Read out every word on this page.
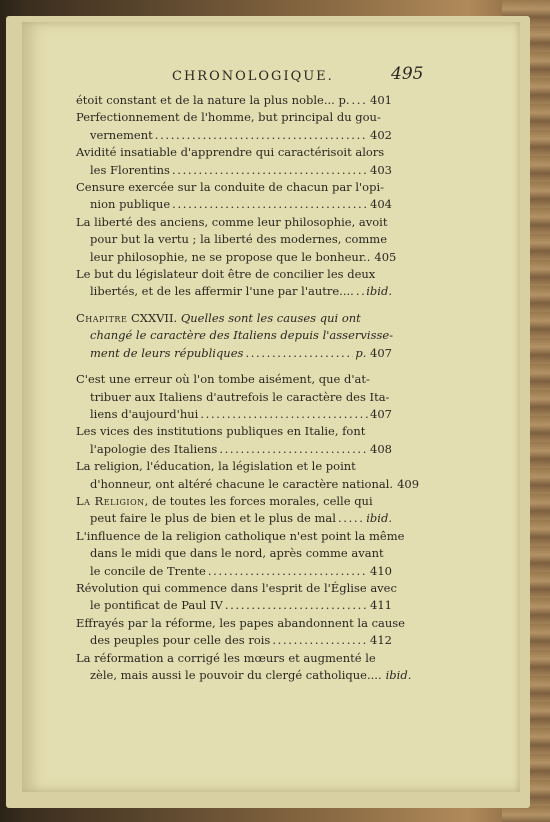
CHRONOLOGIQUE.	495
étoit constant et de la nature la plus noble... p. . . . 401
Perfectionnement de l'homme, but principal du gou-
vernement . . .	402
Avidité insatiable d'apprendre qui caractérisoit alors
les Florentins . . .	403
Censure exercée sur la conduite de chacun par l'opi-
nion publique . . .	404
La liberté des anciens, comme leur philosophie, avoit
pour but la vertu ; la liberté des modernes, comme
leur philosophie, ne se propose que le bonheur.. 405
Le but du législateur doit être de concilier les deux
libertés, et de les affermir l'une par l'autre.... . . . ibid.
Chapitre CXXVII. Quelles sont les causes qui ont
changé le caractère des Italiens depuis l'asservisse-
ment de leurs républiques . . .	p. 407
C'est une erreur où l'on tombe aisément, que d'at-
tribuer aux Italiens d'autrefois le caractère des Ita-
liens d'aujourd'hui . . .	407
Les vices des institutions publiques en Italie, font
l'apologie des Italiens . . .	408
La religion, l'éducation, la législation et le point
d'honneur, ont altéré chacune le caractère national. 409
La Religion, de toutes les forces morales, celle qui
peut faire le plus de bien et le plus de mal . . .	ibid.
L'influence de la religion catholique n'est point la même
dans le midi que dans le nord, après comme avant
le concile de Trente . . .	410
Révolution qui commence dans l'esprit de l'Église avec
le pontificat de Paul IV . . .	411
Effrayés par la réforme, les papes abandonnent la cause
des peuples pour celle des rois . . .	412
La réformation a corrigé les mœurs et augmenté le
zèle, mais aussi le pouvoir du clergé catholique.... ibid.
